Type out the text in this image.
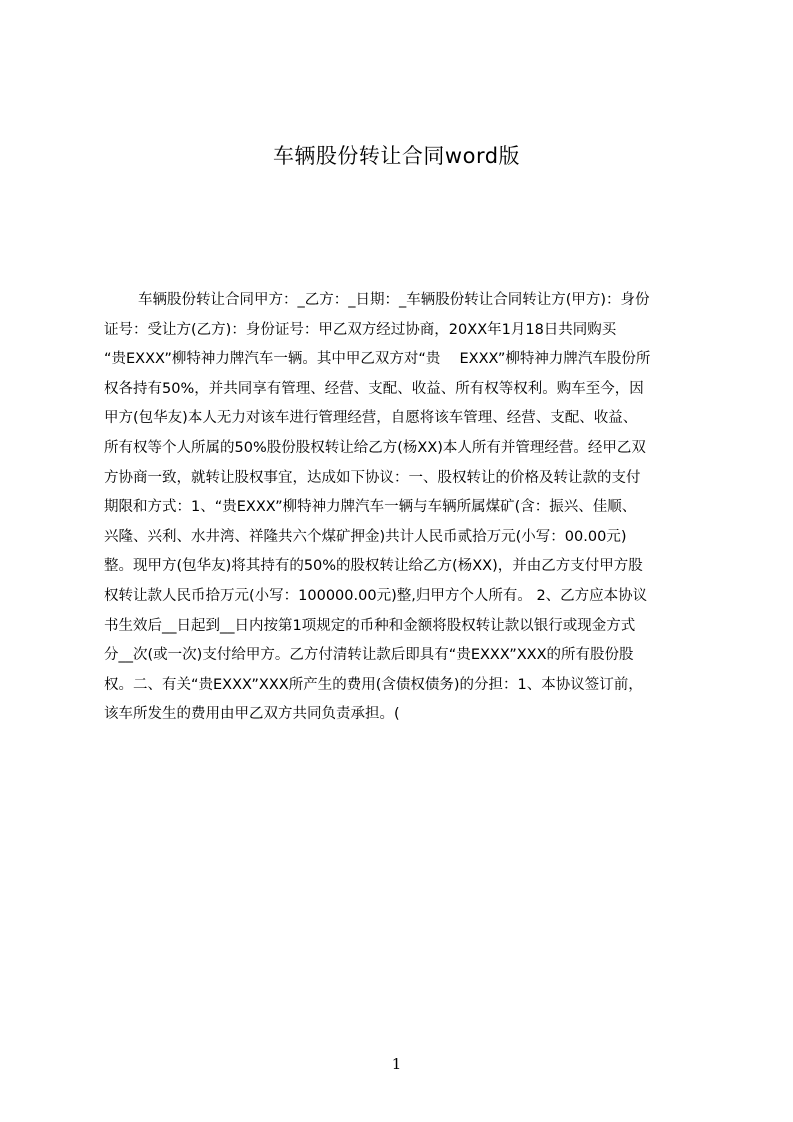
车辆股份转让合同word版
车辆股份转让合同甲方：_乙方：_日期：_车辆股份转让合同转让方(甲方)：身份
证号：受让方(乙方)：身份证号：甲乙双方经过协商，20XX年1月18日共同购买
“贵EXXX”柳特神力牌汽车一辆。其中甲乙双方对“贵　 EXXX”柳特神力牌汽车股份所
权各持有50%，并共同享有管理、经营、支配、收益、所有权等权利。购车至今，因
甲方(包华友)本人无力对该车进行管理经营，自愿将该车管理、经营、支配、收益、
所有权等个人所属的50%股份股权转让给乙方(杨XX)本人所有并管理经营。经甲乙双
方协商一致，就转让股权事宜，达成如下协议：一、股权转让的价格及转让款的支付
期限和方式：1、“贵EXXX”柳特神力牌汽车一辆与车辆所属煤矿(含：振兴、佳顺、
兴隆、兴利、水井湾、祥隆共六个煤矿押金)共计人民币贰拾万元(小写：00.00元)
整。现甲方(包华友)将其持有的50%的股权转让给乙方(杨XX)，并由乙方支付甲方股
权转让款人民币拾万元(小写：100000.00元)整,归甲方个人所有。 2、乙方应本协议
书生效后__日起到__日内按第1项规定的币种和金额将股权转让款以银行或现金方式
分__次(或一次)支付给甲方。乙方付清转让款后即具有“贵EXXX”XXX的所有股份股
权。二、有关“贵EXXX”XXX所产生的费用(含债权债务)的分担：1、本协议签订前，
该车所发生的费用由甲乙双方共同负责承担。(
1
